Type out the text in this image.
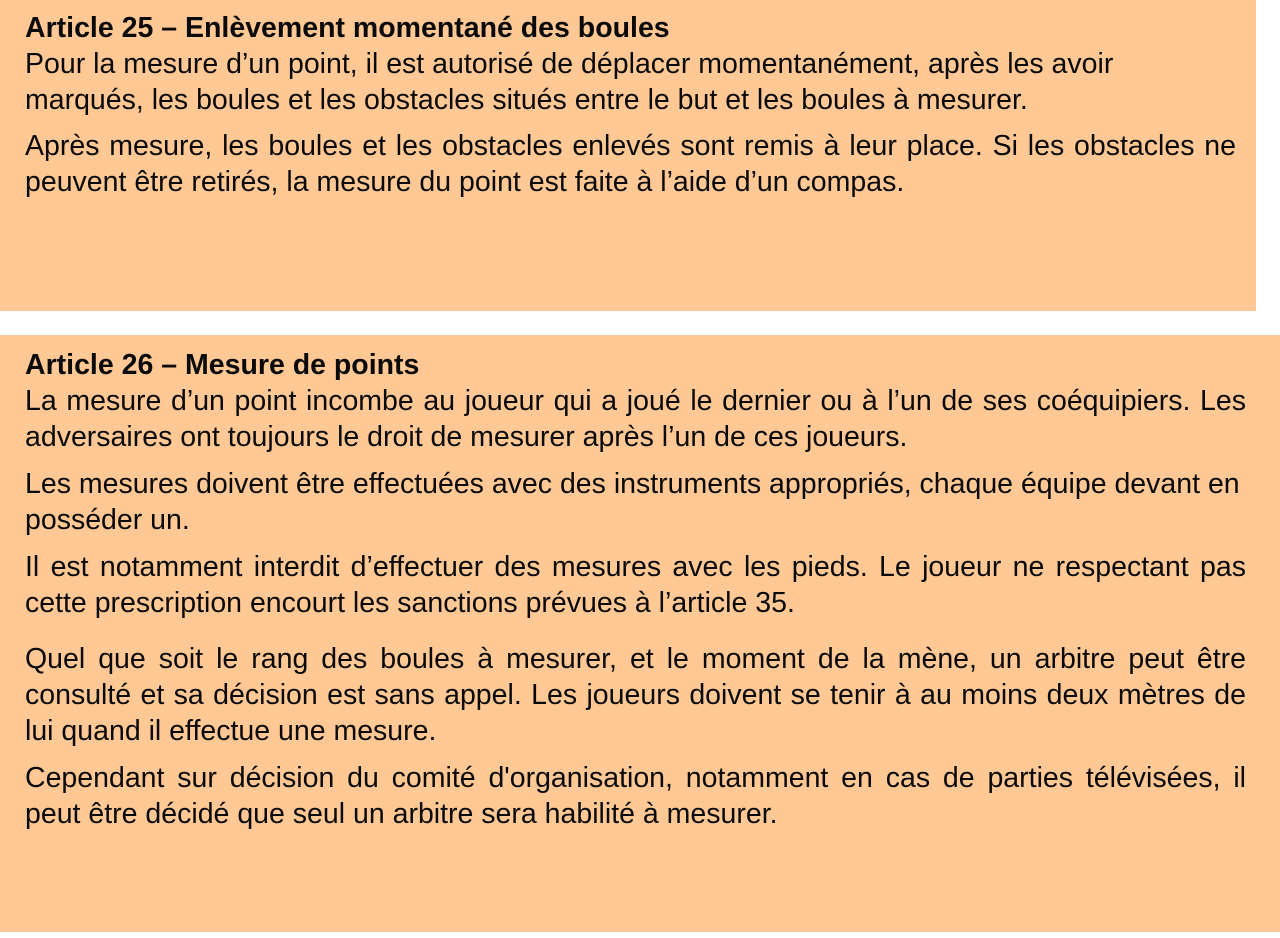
Article 25 – Enlèvement momentané des boules

Pour la mesure d’un point, il est autorisé de déplacer momentanément, après les avoir marqués, les boules et les obstacles situés entre le but et les boules à mesurer.

Après mesure, les boules et les obstacles enlevés sont remis à leur place. Si les obstacles ne peuvent être retirés, la mesure du point est faite à l’aide d’un compas.

Article 26 – Mesure de points

La mesure d’un point incombe au joueur qui a joué le dernier ou à l’un de ses coéquipiers. Les adversaires ont toujours le droit de mesurer après l’un de ces joueurs.

Les mesures doivent être effectuées avec des instruments appropriés, chaque équipe devant en posséder un.

Il est notamment interdit d’effectuer des mesures avec les pieds. Le joueur ne respectant pas cette prescription encourt les sanctions prévues à l’article 35.

Quel que soit le rang des boules à mesurer, et le moment de la mène, un arbitre peut être consulté et sa décision est sans appel. Les joueurs doivent se tenir à au moins deux mètres de lui quand il effectue une mesure.

Cependant sur décision du comité d'organisation, notamment en cas de parties télévisées, il peut être décidé que seul un arbitre sera habilité à mesurer.
